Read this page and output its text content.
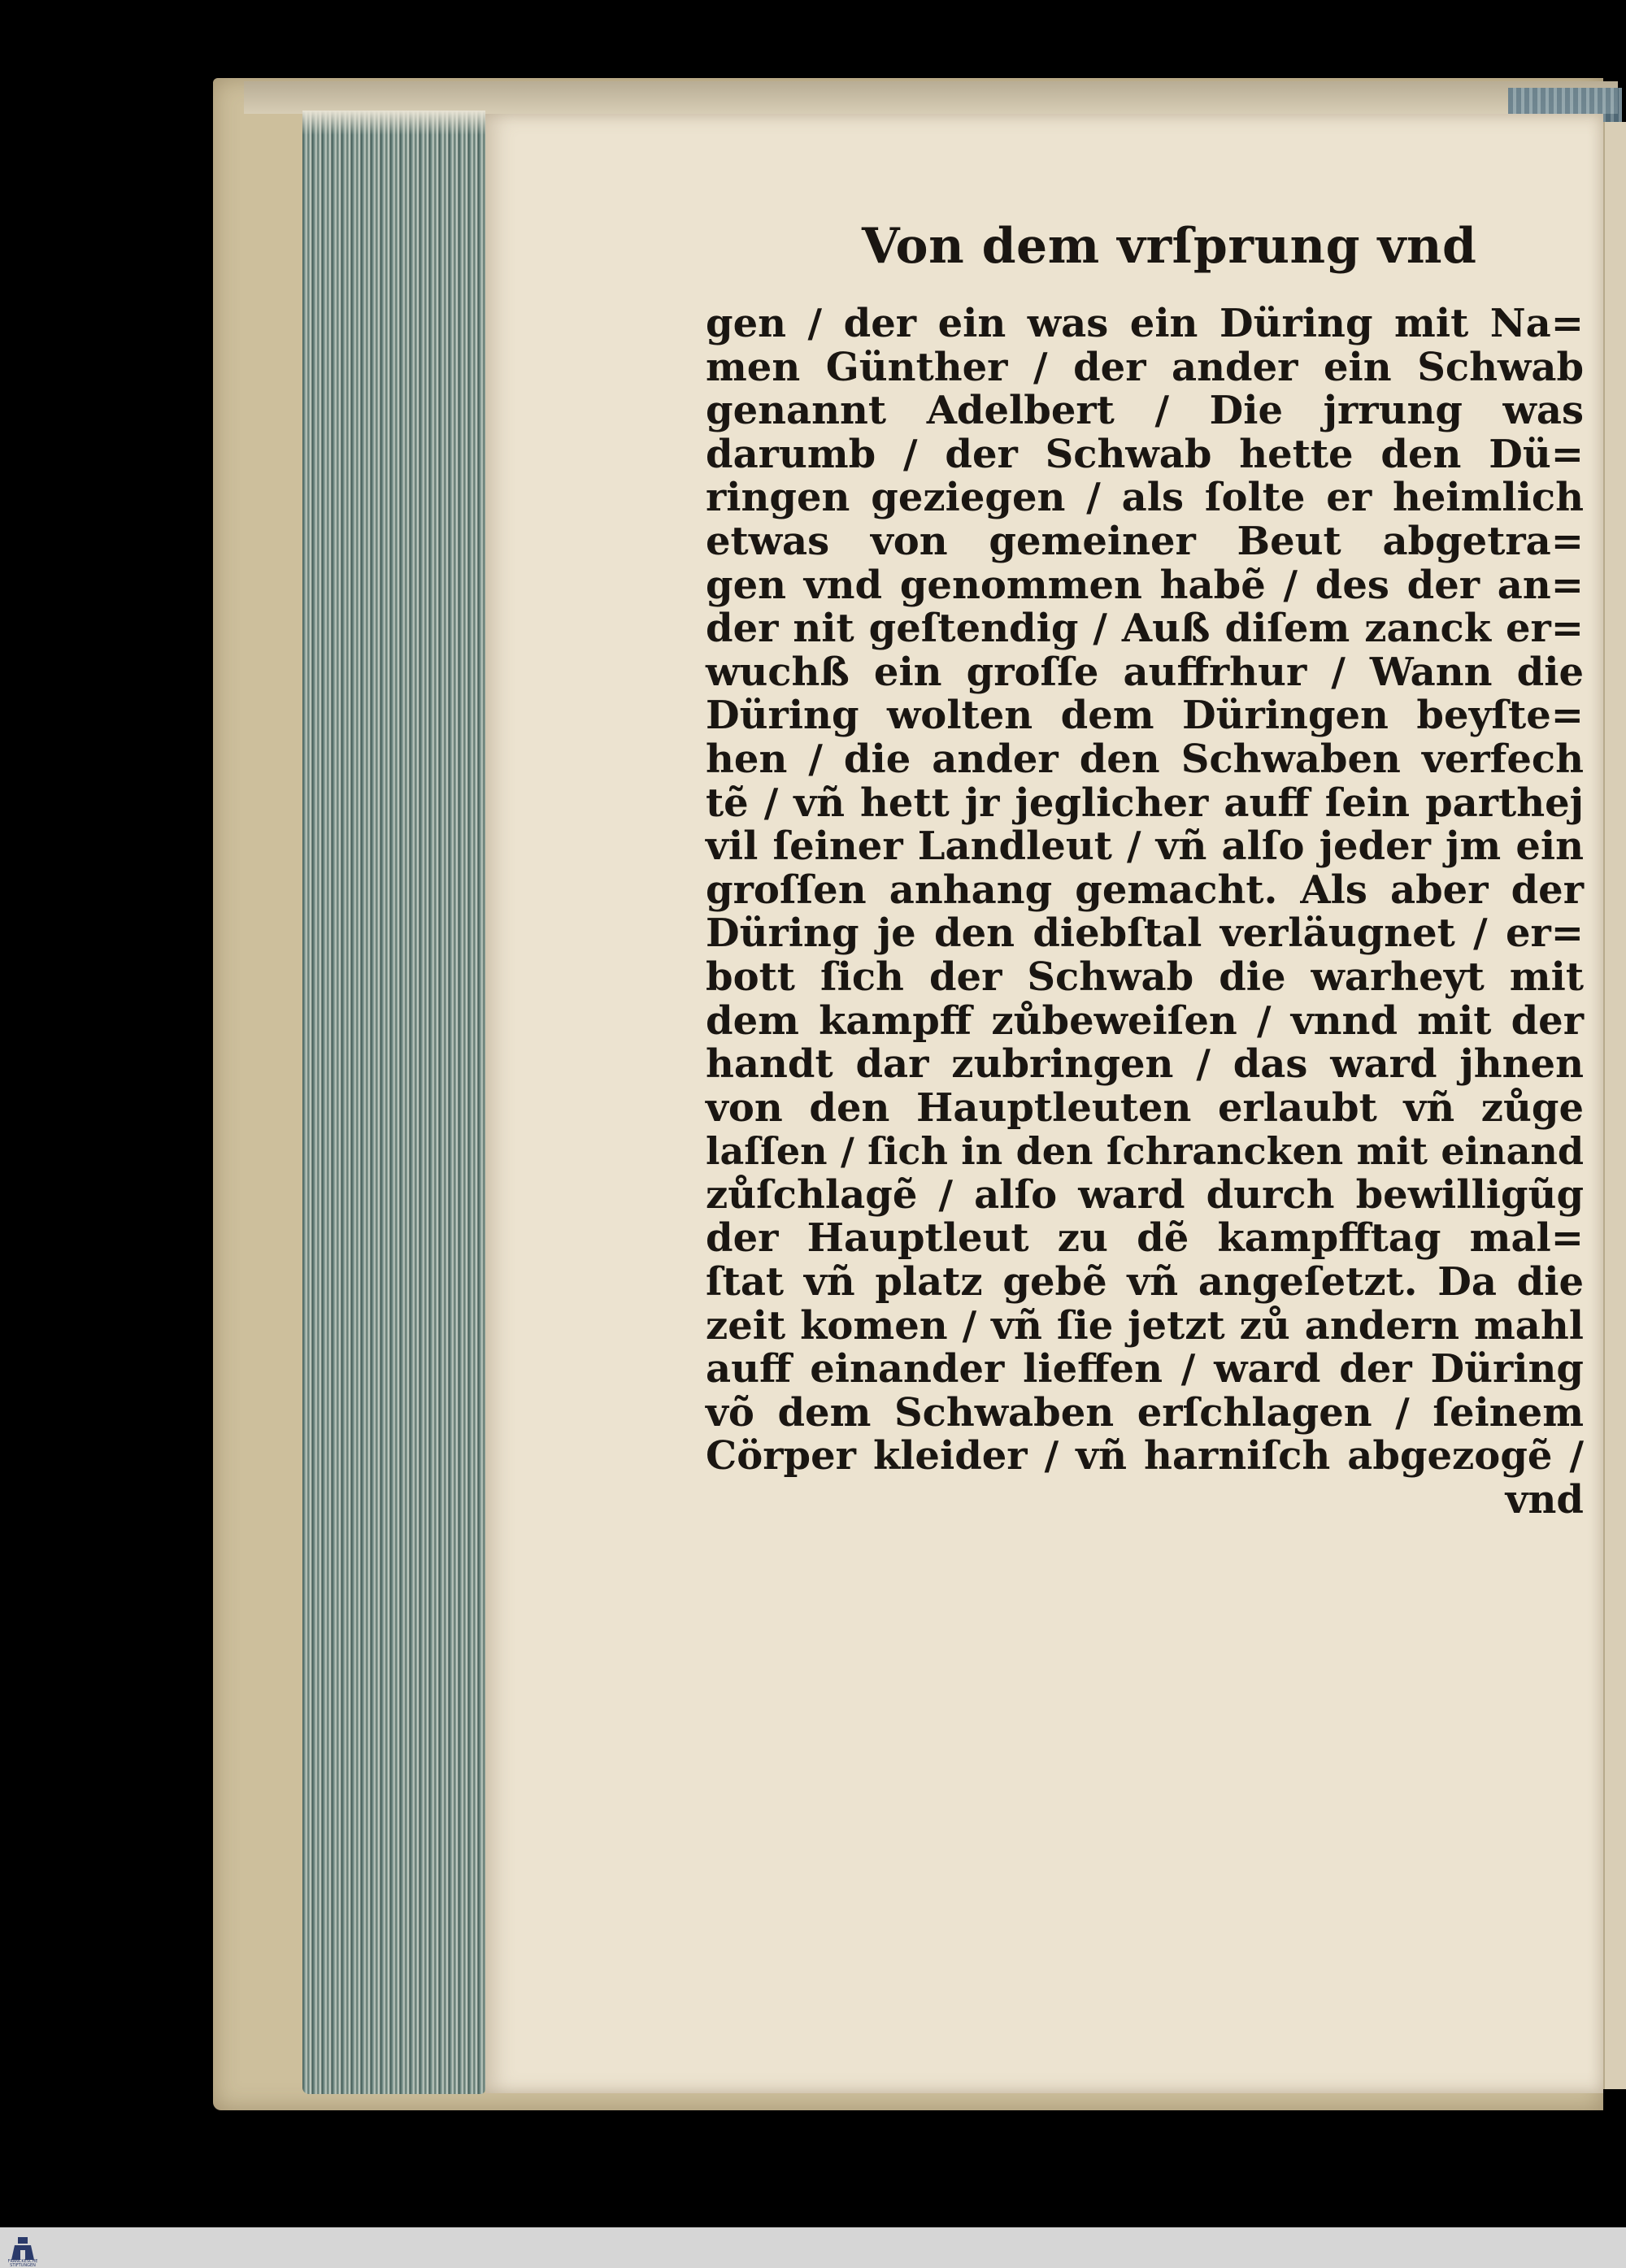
Von dem vrſprung vnd
gen / der ein was ein Düring mit Na=
men Günther / der ander ein Schwab
genannt Adelbert / Die jrrung was
darumb / der Schwab hette den Dü=
ringen geziegen / als ſolte er heimlich
etwas von gemeiner Beut abgetra=
gen vnd genommen habẽ / des der an=
der nit geſtendig / Auß diſem zanck er=
wuchß ein groſſe auffrhur / Wann die
Düring wolten dem Düringen beyſte=
hen / die ander den Schwaben verfech
tẽ / vñ hett jr jeglicher auff ſein parthej
vil ſeiner Landleut / vñ alſo jeder jm ein
groſſen anhang gemacht. Als aber der
Düring je den diebſtal verläugnet / er=
bott ſich der Schwab die warheyt mit
dem kampff zůbeweiſen / vnnd mit der
handt dar zubringen / das ward jhnen
von den Hauptleuten erlaubt vñ zůge
laſſen / ſich in den ſchrancken mit einand
zůſchlagẽ / alſo ward durch bewilligũg
der Hauptleut zu dẽ kampfftag mal=
ſtat vñ platz gebẽ vñ angeſetzt. Da die
zeit komen / vñ ſie jetzt zů andern mahl
auff einander lieffen / ward der Düring
võ dem Schwaben erſchlagen / ſeinem
Cörper kleider / vñ harniſch abgezogẽ /
vnd
FRANCKESCHE STIFTUNGEN
